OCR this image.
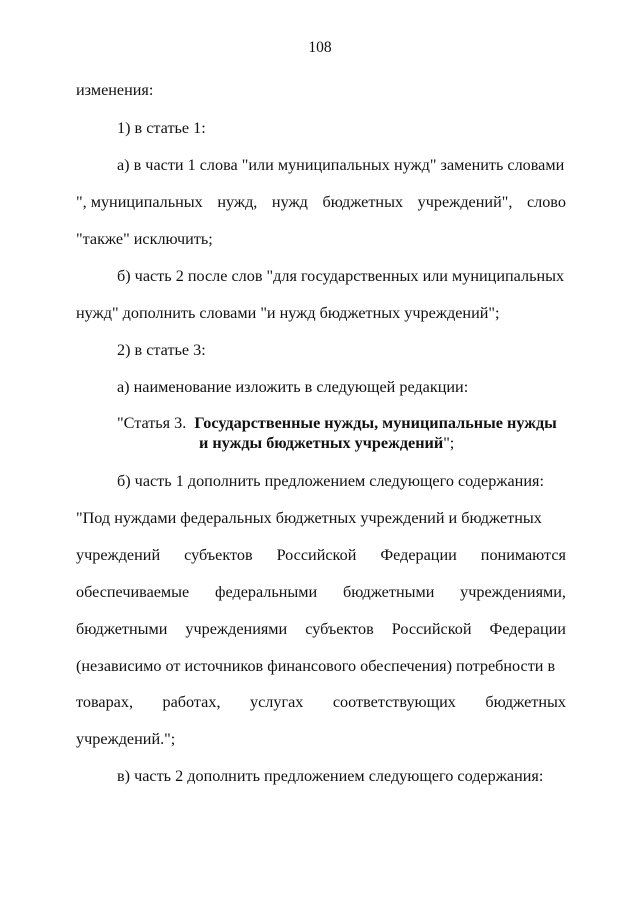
108
изменения:
1) в статье 1:
а) в части 1 слова "или муниципальных нужд" заменить словами
", муниципальных нужд, нужд бюджетных учреждений", слово
"также" исключить;
б) часть 2 после слов "для государственных или муниципальных
нужд" дополнить словами "и нужд бюджетных учреждений";
2) в статье 3:
а) наименование изложить в следующей редакции:
"Статья 3. Государственные нужды, муниципальные нужды
и нужды бюджетных учреждений";
б) часть 1 дополнить предложением следующего содержания:
"Под нуждами федеральных бюджетных учреждений и бюджетных
учреждений субъектов Российской Федерации понимаются
обеспечиваемые федеральными бюджетными учреждениями,
бюджетными учреждениями субъектов Российской Федерации
(независимо от источников финансового обеспечения) потребности в
товарах, работах, услугах соответствующих бюджетных
учреждений.";
в) часть 2 дополнить предложением следующего содержания:
